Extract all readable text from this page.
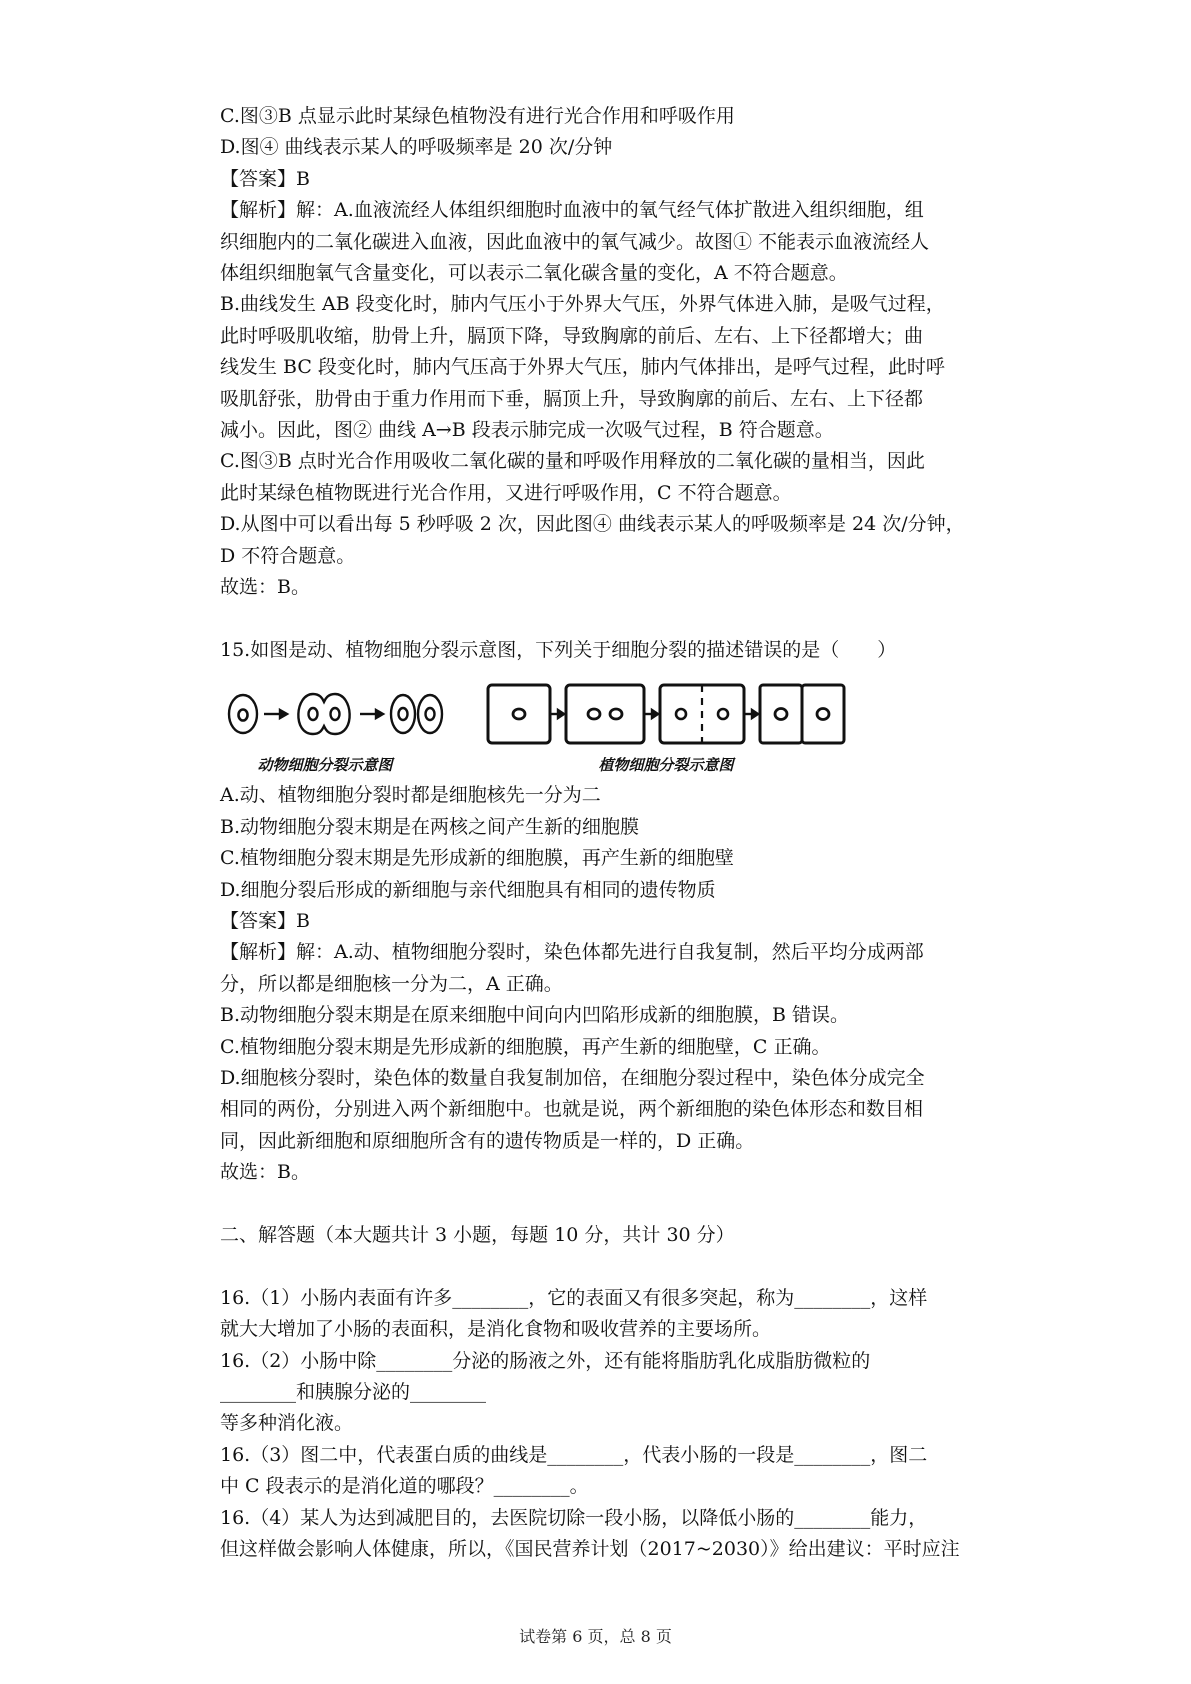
C.图③B 点显示此时某绿色植物没有进行光合作用和呼吸作用
D.图④ 曲线表示某人的呼吸频率是 20 次/分钟
【答案】B
【解析】解：A.血液流经人体组织细胞时血液中的氧气经气体扩散进入组织细胞，组
织细胞内的二氧化碳进入血液，因此血液中的氧气减少。故图① 不能表示血液流经人
体组织细胞氧气含量变化，可以表示二氧化碳含量的变化，A 不符合题意。
B.曲线发生 AB 段变化时，肺内气压小于外界大气压，外界气体进入肺，是吸气过程，
此时呼吸肌收缩，肋骨上升，膈顶下降，导致胸廓的前后、左右、上下径都增大；曲
线发生 BC 段变化时，肺内气压高于外界大气压，肺内气体排出，是呼气过程，此时呼
吸肌舒张，肋骨由于重力作用而下垂，膈顶上升，导致胸廓的前后、左右、上下径都
减小。因此，图② 曲线 A→B 段表示肺完成一次吸气过程，B 符合题意。
C.图③B 点时光合作用吸收二氧化碳的量和呼吸作用释放的二氧化碳的量相当，因此
此时某绿色植物既进行光合作用，又进行呼吸作用，C 不符合题意。
D.从图中可以看出每 5 秒呼吸 2 次，因此图④ 曲线表示某人的呼吸频率是 24 次/分钟，
D 不符合题意。
故选：B。
15.如图是动、植物细胞分裂示意图，下列关于细胞分裂的描述错误的是（　　）
动物细胞分裂示意图	植物细胞分裂示意图
A.动、植物细胞分裂时都是细胞核先一分为二
B.动物细胞分裂末期是在两核之间产生新的细胞膜
C.植物细胞分裂末期是先形成新的细胞膜，再产生新的细胞壁
D.细胞分裂后形成的新细胞与亲代细胞具有相同的遗传物质
【答案】B
【解析】解：A.动、植物细胞分裂时，染色体都先进行自我复制，然后平均分成两部
分，所以都是细胞核一分为二，A 正确。
B.动物细胞分裂末期是在原来细胞中间向内凹陷形成新的细胞膜，B 错误。
C.植物细胞分裂末期是先形成新的细胞膜，再产生新的细胞壁，C 正确。
D.细胞核分裂时，染色体的数量自我复制加倍，在细胞分裂过程中，染色体分成完全
相同的两份，分别进入两个新细胞中。也就是说，两个新细胞的染色体形态和数目相
同，因此新细胞和原细胞所含有的遗传物质是一样的，D 正确。
故选：B。
二、解答题（本大题共计 3 小题，每题 10 分，共计 30 分）
16.（1）小肠内表面有许多________，它的表面又有很多突起，称为________，这样
就大大增加了小肠的表面积，是消化食物和吸收营养的主要场所。
16.（2）小肠中除________分泌的肠液之外，还有能将脂肪乳化成脂肪微粒的
________和胰腺分泌的________
等多种消化液。
16.（3）图二中，代表蛋白质的曲线是________，代表小肠的一段是________，图二
中 C 段表示的是消化道的哪段？________。
16.（4）某人为达到减肥目的，去医院切除一段小肠，以降低小肠的________能力，
但这样做会影响人体健康，所以，《国民营养计划（2017~2030）》给出建议：平时应注
试卷第 6 页，总 8 页
